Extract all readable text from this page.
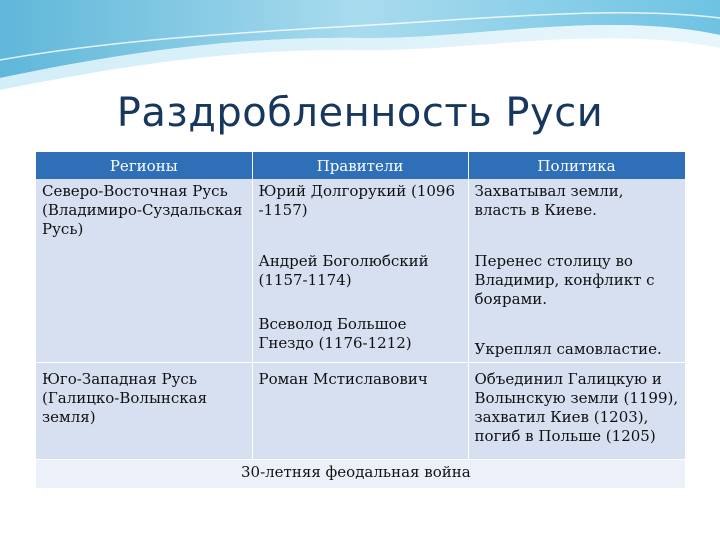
Раздробленность Руси
Регионы	Правители	Политика
Северо-Восточная Русь (Владимиро-Суздальская Русь)	Юрий Долгорукий (1096 -1157)	Захватывал земли, власть в Киеве.
	Андрей Боголюбский (1157-1174)	Перенес столицу во Владимир, конфликт с боярами.
	Всеволод Большое Гнездо (1176-1212)	Укреплял самовластие.
Юго-Западная Русь (Галицко-Волынская земля)	Роман Мстиславович	Объединил Галицкую и Волынскую земли (1199), захватил Киев (1203), погиб в Польше (1205)
30-летняя феодальная война		
